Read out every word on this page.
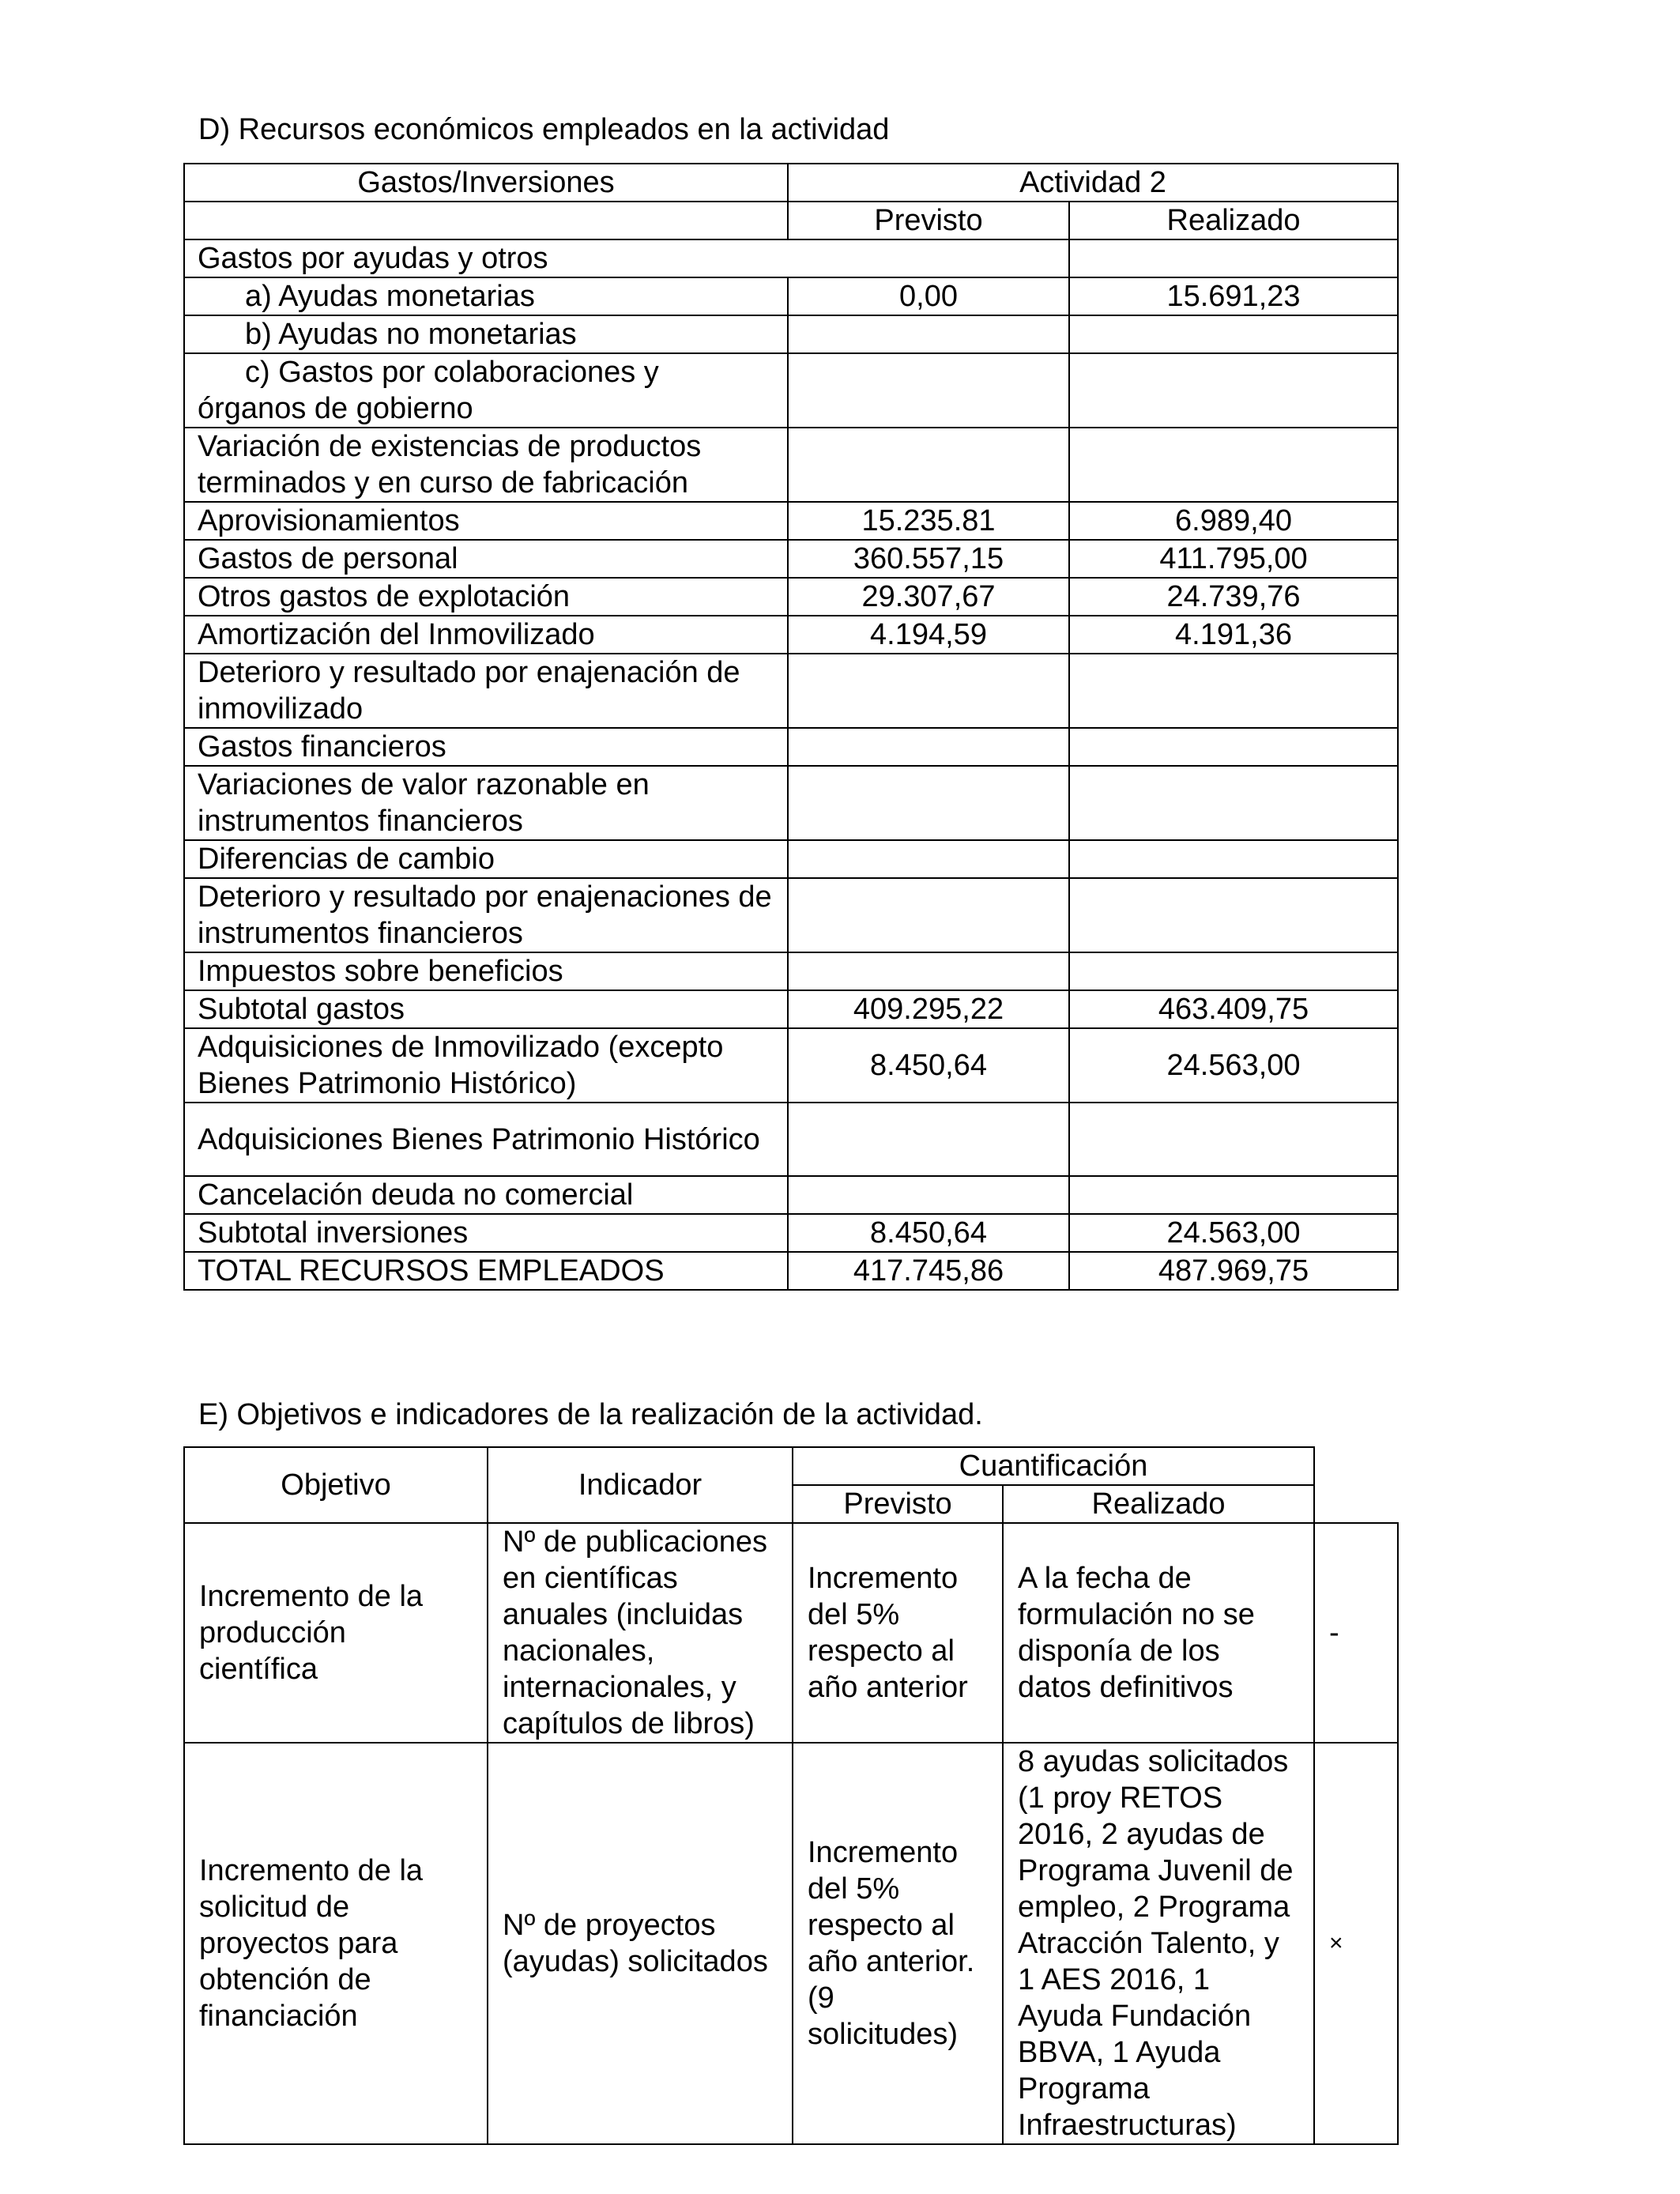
D) Recursos económicos empleados en la actividad
Gastos/Inversiones	Actividad 2	
	Previsto	Realizado
Gastos por ayudas y otros		
a) Ayudas monetarias	0,00	15.691,23
b) Ayudas no monetarias		

c) Gastos por colaboraciones y
órganos de gobierno		

Variación de existencias de productos terminados y en curso de fabricación		
Aprovisionamientos	15.235.81	6.989,40
Gastos de personal	360.557,15	411.795,00
Otros gastos de explotación	29.307,67	24.739,76
Amortización del Inmovilizado	4.194,59	4.191,36
Deterioro y resultado por enajenación de inmovilizado		
Gastos financieros		
Variaciones de valor razonable en instrumentos financieros		
Diferencias de cambio		
Deterioro y resultado por enajenaciones de instrumentos financieros		
Impuestos sobre beneficios		
Subtotal gastos	409.295,22	463.409,75
Adquisiciones de Inmovilizado (excepto Bienes Patrimonio Histórico)	8.450,64	24.563,00
Adquisiciones Bienes Patrimonio Histórico		
Cancelación deuda no comercial		
Subtotal inversiones	8.450,64	24.563,00
TOTAL RECURSOS EMPLEADOS	417.745,86	487.969,75
E) Objetivos e indicadores de la realización de la actividad.
Objetivo	Indicador	Cuantificación		
		Previsto	Realizado	
Incremento de la producción científica	Nº de publicaciones en científicas anuales (incluidas nacionales, internacionales, y capítulos de libros)	Incremento del 5% respecto al año anterior	A la fecha de formulación no se disponía de los datos definitivos	-
Incremento de la solicitud de proyectos para obtención de financiación	Nº de proyectos (ayudas) solicitados	Incremento del 5% respecto al año anterior. (9 solicitudes)	8 ayudas solicitados (1 proy RETOS 2016, 2 ayudas de Programa Juvenil de empleo, 2 Programa Atracción Talento, y 1 AES 2016, 1 Ayuda Fundación BBVA, 1 Ayuda Programa Infraestructuras)	×
